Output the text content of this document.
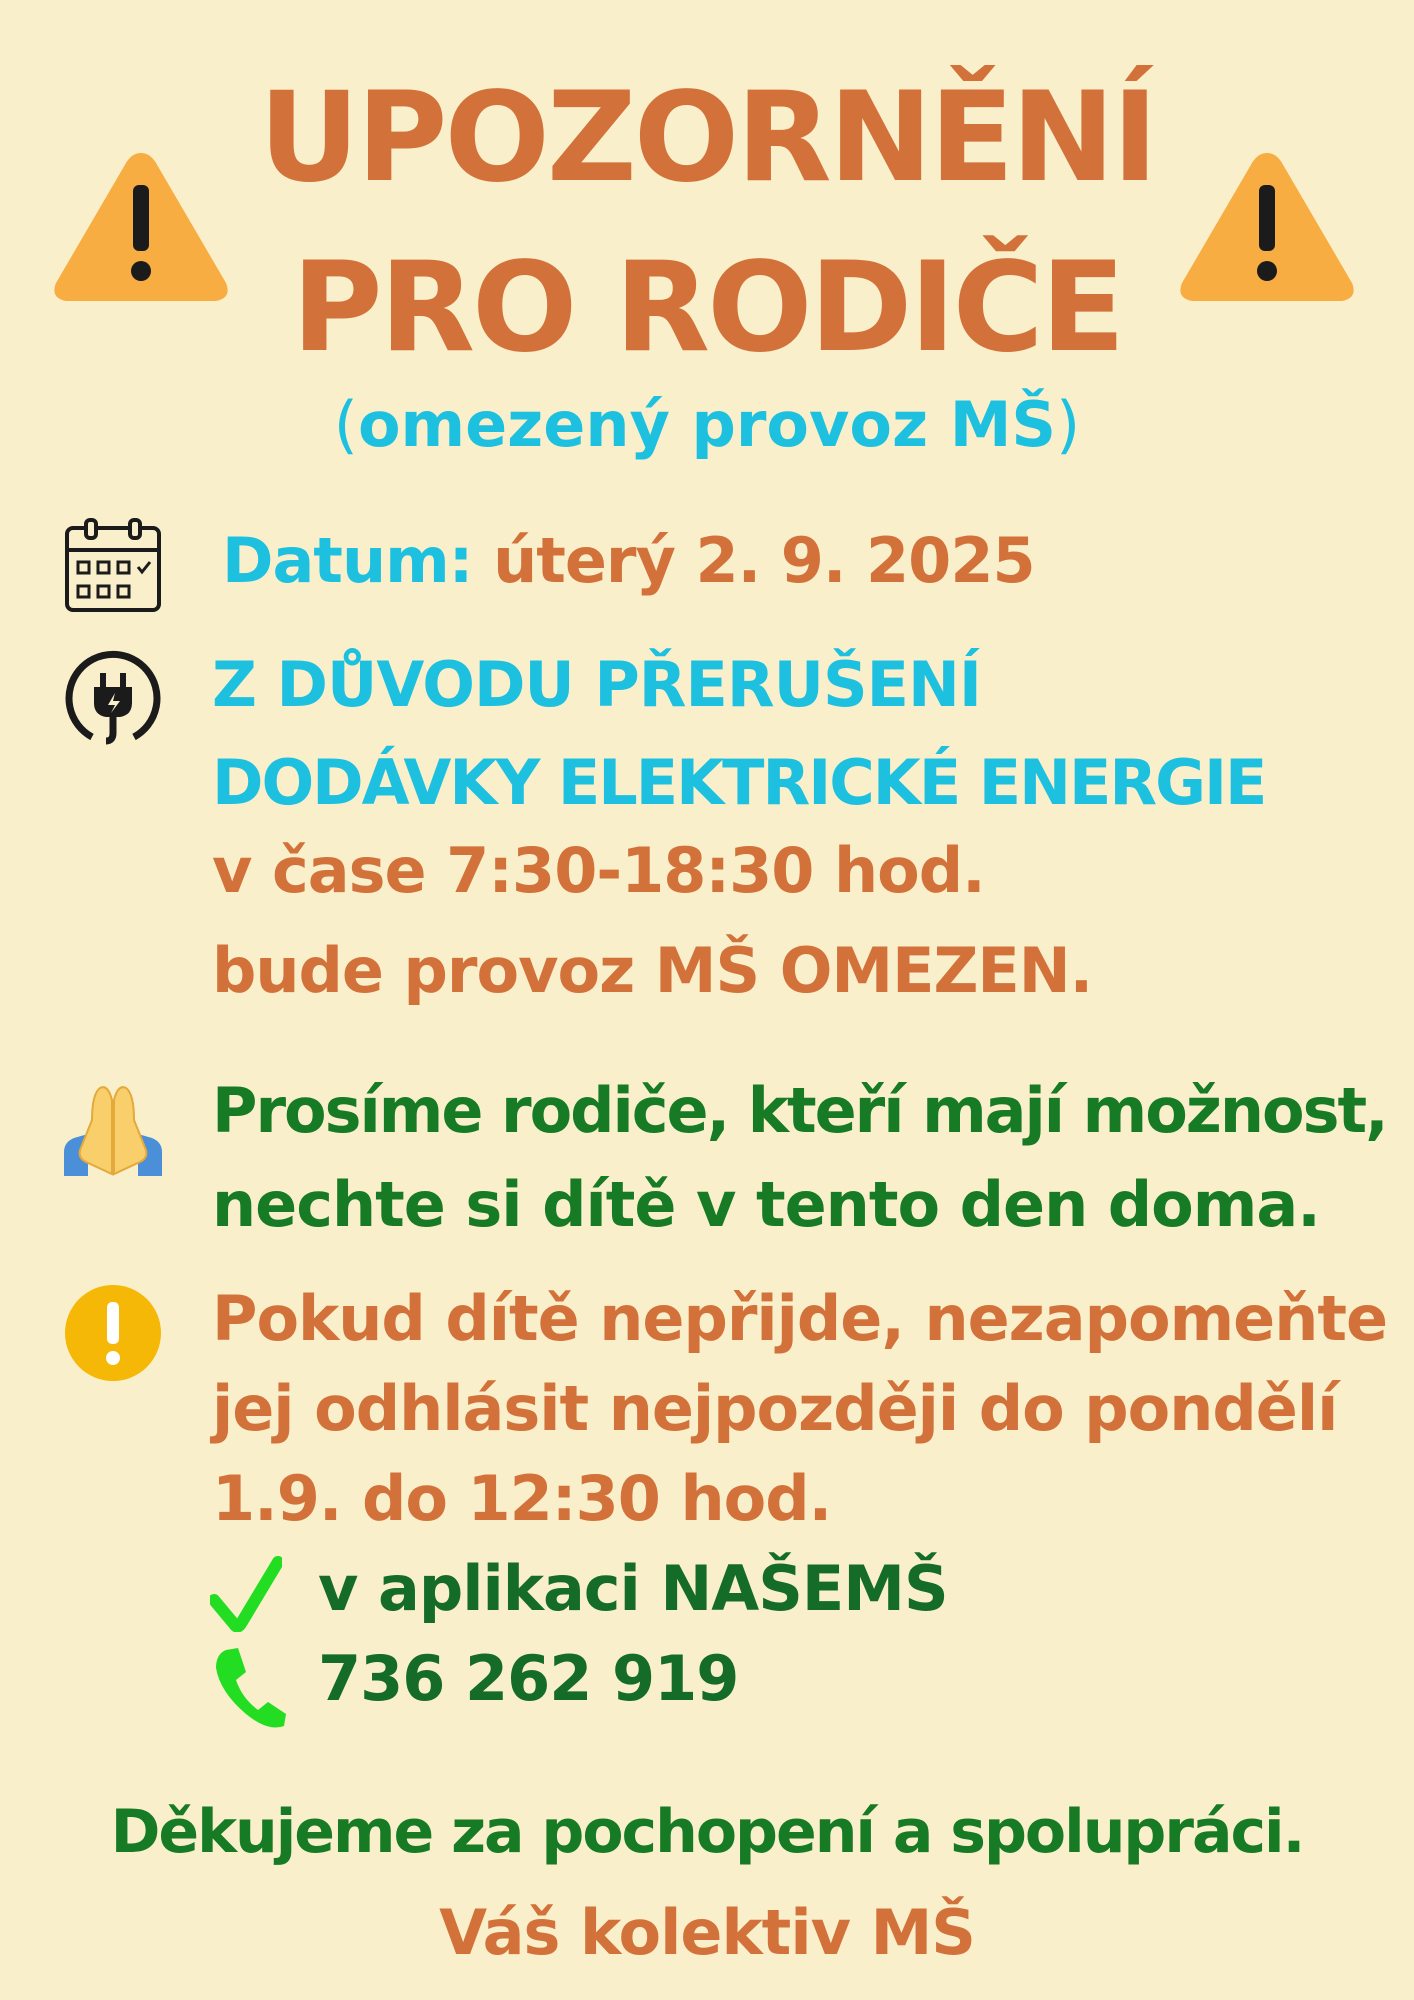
UPOZORNĚNÍ
PRO RODIČE
(omezený provoz MŠ)
Datum: úterý 2. 9. 2025
Z DŮVODU PŘERUŠENÍ
DODÁVKY ELEKTRICKÉ ENERGIE
v čase 7:30-18:30 hod.
bude provoz MŠ OMEZEN.
Prosíme rodiče, kteří mají možnost,
nechte si dítě v tento den doma.
Pokud dítě nepřijde, nezapomeňte
jej odhlásit nejpozději do pondělí
1.9. do 12:30 hod.
v aplikaci NAŠEMŠ
736 262 919
Děkujeme za pochopení a spolupráci.
Váš kolektiv MŠ
